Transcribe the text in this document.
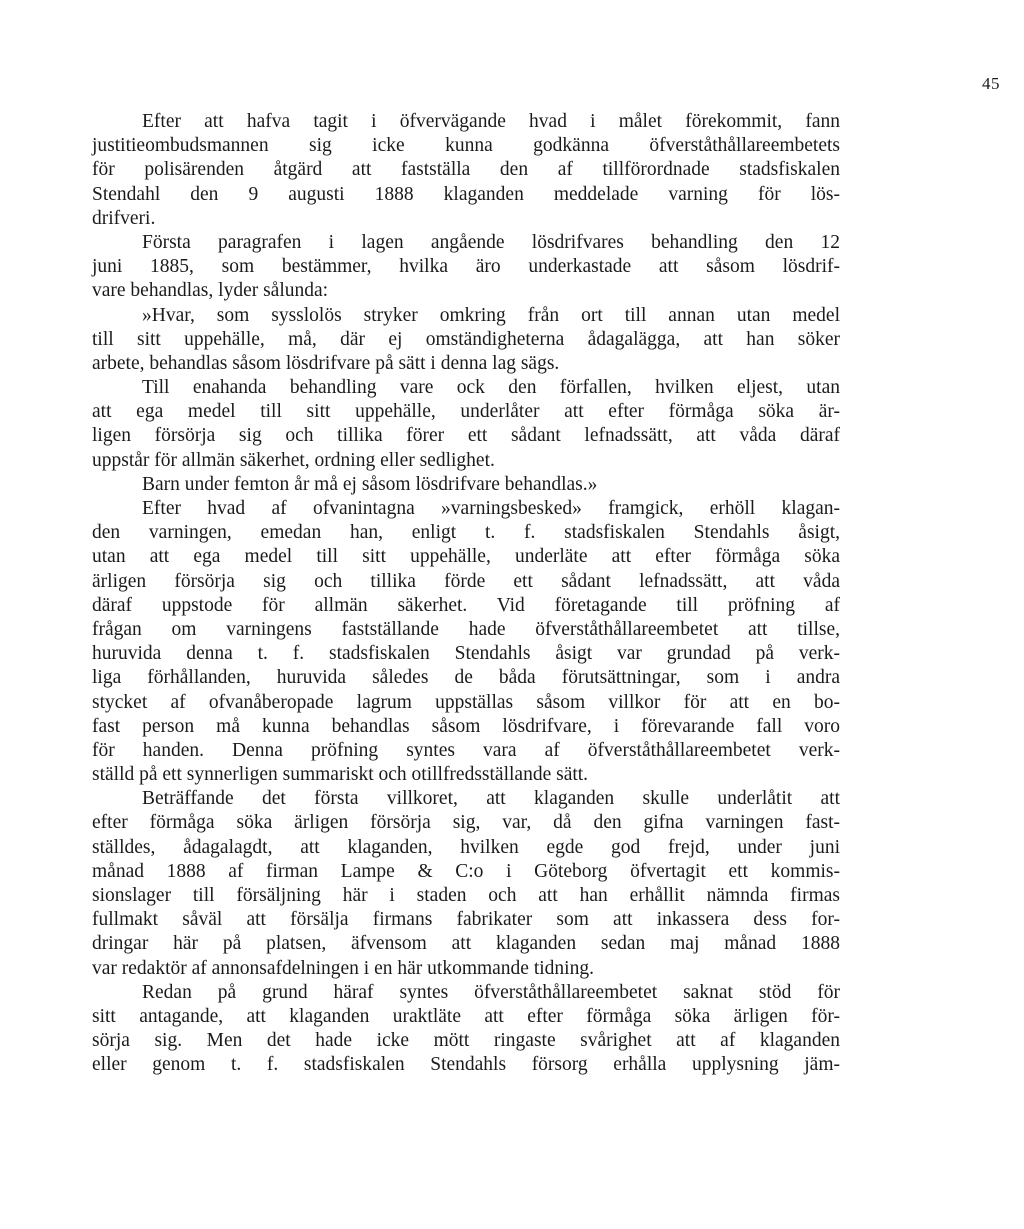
45
Efter att hafva tagit i öfvervägande hvad i målet förekommit, fann
justitieombudsmannen sig icke kunna godkänna öfverståthållareembetets
för polisärenden åtgärd att fastställa den af tillförordnade stadsfiskalen
Stendahl den 9 augusti 1888 klaganden meddelade varning för lös-
drifveri.
Första paragrafen i lagen angående lösdrifvares behandling den 12
juni 1885, som bestämmer, hvilka äro underkastade att såsom lösdrif-
vare behandlas, lyder sålunda:
»Hvar, som sysslolös stryker omkring från ort till annan utan medel
till sitt uppehälle, må, där ej omständigheterna ådagalägga, att han söker
arbete, behandlas såsom lösdrifvare på sätt i denna lag sägs.
Till enahanda behandling vare ock den förfallen, hvilken eljest, utan
att ega medel till sitt uppehälle, underlåter att efter förmåga söka är-
ligen försörja sig och tillika förer ett sådant lefnadssätt, att våda däraf
uppstår för allmän säkerhet, ordning eller sedlighet.
Barn under femton år må ej såsom lösdrifvare behandlas.»
Efter hvad af ofvanintagna »varningsbesked» framgick, erhöll klagan-
den varningen, emedan han, enligt t. f. stadsfiskalen Stendahls åsigt,
utan att ega medel till sitt uppehälle, underläte att efter förmåga söka
ärligen försörja sig och tillika förde ett sådant lefnadssätt, att våda
däraf uppstode för allmän säkerhet. Vid företagande till pröfning af
frågan om varningens fastställande hade öfverståthållareembetet att tillse,
huruvida denna t. f. stadsfiskalen Stendahls åsigt var grundad på verk-
liga förhållanden, huruvida således de båda förutsättningar, som i andra
stycket af ofvanåberopade lagrum uppställas såsom villkor för att en bo-
fast person må kunna behandlas såsom lösdrifvare, i förevarande fall voro
för handen. Denna pröfning syntes vara af öfverståthållareembetet verk-
ställd på ett synnerligen summariskt och otillfredsställande sätt.
Beträffande det första villkoret, att klaganden skulle underlåtit att
efter förmåga söka ärligen försörja sig, var, då den gifna varningen fast-
ställdes, ådagalagdt, att klaganden, hvilken egde god frejd, under juni
månad 1888 af firman Lampe & C:o i Göteborg öfvertagit ett kommis-
sionslager till försäljning här i staden och att han erhållit nämnda firmas
fullmakt såväl att försälja firmans fabrikater som att inkassera dess for-
dringar här på platsen, äfvensom att klaganden sedan maj månad 1888
var redaktör af annonsafdelningen i en här utkommande tidning.
Redan på grund häraf syntes öfverståthållareembetet saknat stöd för
sitt antagande, att klaganden uraktläte att efter förmåga söka ärligen för-
sörja sig. Men det hade icke mött ringaste svårighet att af klaganden
eller genom t. f. stadsfiskalen Stendahls försorg erhålla upplysning jäm-
